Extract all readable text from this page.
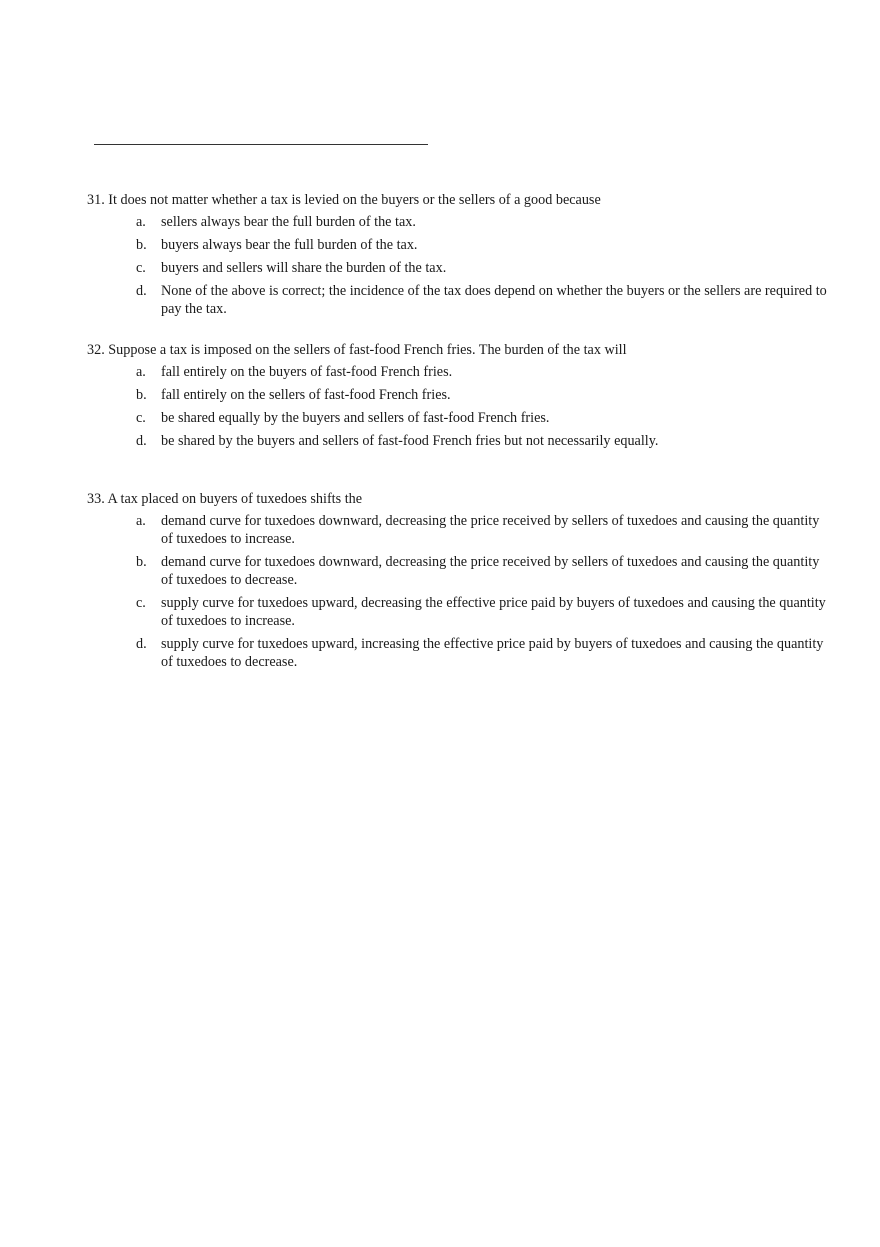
31. It does not matter whether a tax is levied on the buyers or the sellers of a good because
a. sellers always bear the full burden of the tax.
b. buyers always bear the full burden of the tax.
c. buyers and sellers will share the burden of the tax.
d. None of the above is correct; the incidence of the tax does depend on whether the buyers or the sellers are required to pay the tax.
32. Suppose a tax is imposed on the sellers of fast-food French fries. The burden of the tax will
a. fall entirely on the buyers of fast-food French fries.
b. fall entirely on the sellers of fast-food French fries.
c. be shared equally by the buyers and sellers of fast-food French fries.
d. be shared by the buyers and sellers of fast-food French fries but not necessarily equally.
33. A tax placed on buyers of tuxedoes shifts the
a. demand curve for tuxedoes downward, decreasing the price received by sellers of tuxedoes and causing the quantity of tuxedoes to increase.
b. demand curve for tuxedoes downward, decreasing the price received by sellers of tuxedoes and causing the quantity of tuxedoes to decrease.
c. supply curve for tuxedoes upward, decreasing the effective price paid by buyers of tuxedoes and causing the quantity of tuxedoes to increase.
d. supply curve for tuxedoes upward, increasing the effective price paid by buyers of tuxedoes and causing the quantity of tuxedoes to decrease.
